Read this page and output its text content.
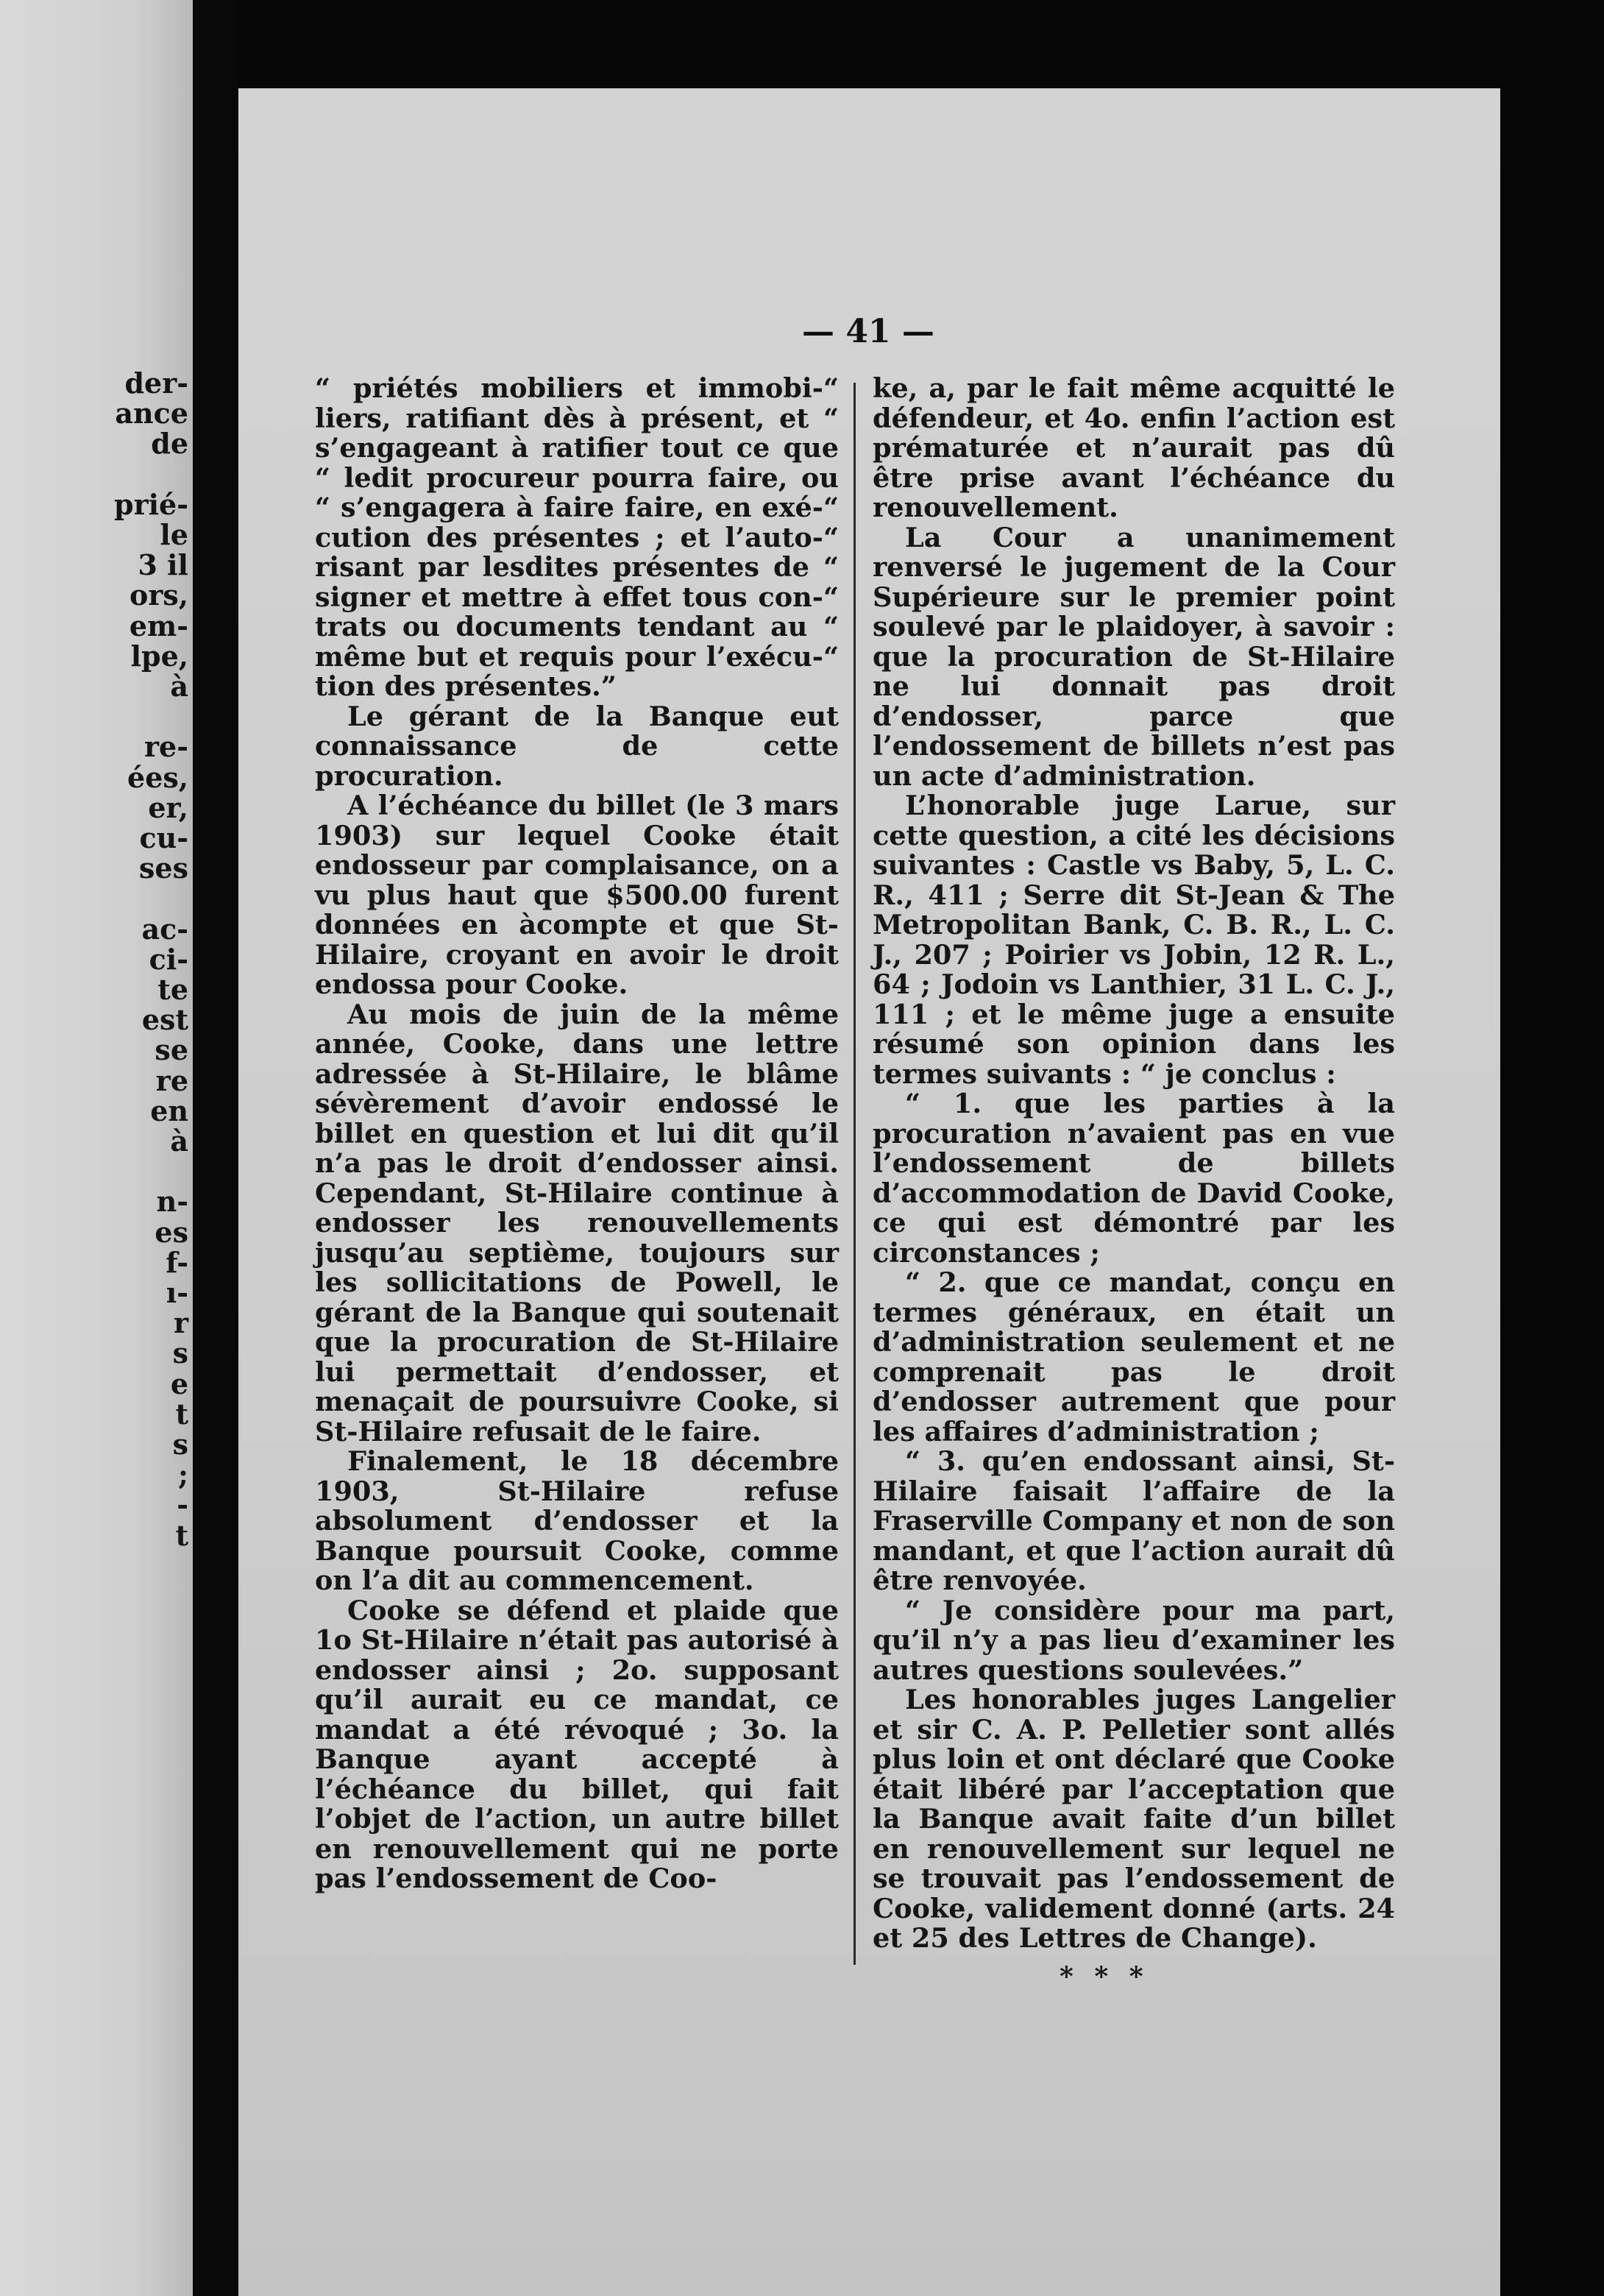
der-
ance
de
prié-
le
3 il
ors,
em-
lpe,
à
re-
ées,
er,
cu-
ses
ac-
ci-
te
est
se
re
en
à
n-
es
f-
ı-
r
s
e
t
s
;
-
t
— 41 —

“ priétés mobiliers et immobi-“ liers, ratifiant dès à présent, et “ s’engageant à ratifier tout ce que “ ledit procureur pourra faire, ou “ s’engagera à faire faire, en exé-“ cution des présentes ; et l’auto-“ risant par lesdites présentes de “ signer et mettre à effet tous con-“ trats ou documents tendant au “ même but et requis pour l’exécu-“ tion des présentes.”

Le gérant de la Banque eut connaissance de cette procuration.

A l’échéance du billet (le 3 mars 1903) sur lequel Cooke était endosseur par complaisance, on a vu plus haut que $500.00 furent données en àcompte et que St-Hilaire, croyant en avoir le droit endossa pour Cooke.

Au mois de juin de la même année, Cooke, dans une lettre adressée à St-Hilaire, le blâme sévèrement d’avoir endossé le billet en question et lui dit qu’il n’a pas le droit d’endosser ainsi. Cependant, St-Hilaire continue à endosser les renouvellements jusqu’au septième, toujours sur les sollicitations de Powell, le gérant de la Banque qui soutenait que la procuration de St-Hilaire lui permettait d’endosser, et menaçait de poursuivre Cooke, si St-Hilaire refusait de le faire.

Finalement, le 18 décembre 1903, St-Hilaire refuse absolument d’endosser et la Banque poursuit Cooke, comme on l’a dit au commencement.

Cooke se défend et plaide que 1o St-Hilaire n’était pas autorisé à endosser ainsi ; 2o. supposant qu’il aurait eu ce mandat, ce mandat a été révoqué ; 3o. la Banque ayant accepté à l’échéance du billet, qui fait l’objet de l’action, un autre billet en renouvellement qui ne porte pas l’endossement de Coo-

ke, a, par le fait même acquitté le défendeur, et 4o. enfin l’action est prématurée et n’aurait pas dû être prise avant l’échéance du renouvellement.

La Cour a unanimement renversé le jugement de la Cour Supérieure sur le premier point soulevé par le plaidoyer, à savoir : que la procuration de St-Hilaire ne lui donnait pas droit d’endosser, parce que l’endossement de billets n’est pas un acte d’administration.

L’honorable juge Larue, sur cette question, a cité les décisions suivantes : Castle vs Baby, 5, L. C. R., 411 ; Serre dit St-Jean & The Metropolitan Bank, C. B. R., L. C. J., 207 ; Poirier vs Jobin, 12 R. L., 64 ; Jodoin vs Lanthier, 31 L. C. J., 111 ; et le même juge a ensuite résumé son opinion dans les termes suivants : “ je conclus :

“ 1. que les parties à la procuration n’avaient pas en vue l’endossement de billets d’accommodation de David Cooke, ce qui est démontré par les circonstances ;

“ 2. que ce mandat, conçu en termes généraux, en était un d’administration seulement et ne comprenait pas le droit d’endosser autrement que pour les affaires d’administration ;

“ 3. qu’en endossant ainsi, St-Hilaire faisait l’affaire de la Fraserville Company et non de son mandant, et que l’action aurait dû être renvoyée.

“ Je considère pour ma part, qu’il n’y a pas lieu d’examiner les autres questions soulevées.”

Les honorables juges Langelier et sir C. A. P. Pelletier sont allés plus loin et ont déclaré que Cooke était libéré par l’acceptation que la Banque avait faite d’un billet en renouvellement sur lequel ne se trouvait pas l’endossement de Cooke, validement donné (arts. 24 et 25 des Lettres de Change).

* * *
